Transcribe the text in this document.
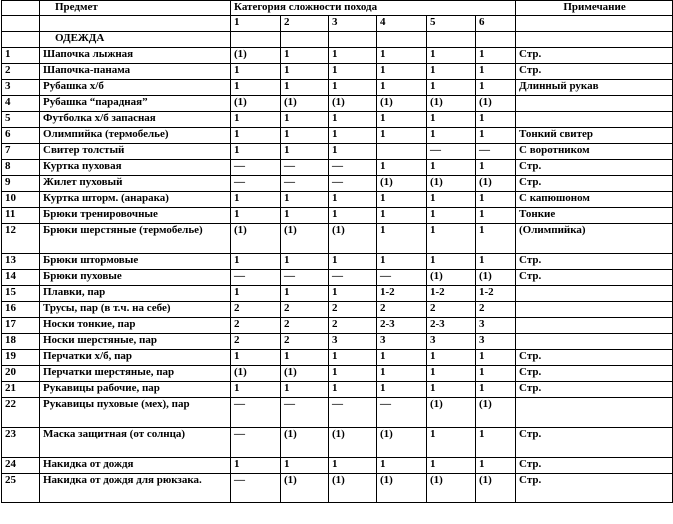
	Предмет	Категория сложности похода						Примечание
		1	2	3	4	5	6	
	ОДЕЖДА							
1	Шапочка лыжная	(1)	1	1	1	1	1	Стр.
2	Шапочка-панама	1	1	1	1	1	1	Стр.
3	Рубашка х/б	1	1	1	1	1	1	Длинный рукав
4	Рубашка “парадная”	(1)	(1)	(1)	(1)	(1)	(1)	
5	Футболка х/б запасная	1	1	1	1	1	1	
6	Олимпийка (термобелье)	1	1	1	1	1	1	Тонкий свитер
7	Свитер толстый	1	1	1		—	—	С воротником
8	Куртка пуховая	—	—	—	1	1	1	Стр.
9	Жилет пуховый	—	—	—	(1)	(1)	(1)	Стр.
10	Куртка шторм. (анарака)	1	1	1	1	1	1	С капюшоном
11	Брюки тренировочные	1	1	1	1	1	1	Тонкие
12	Брюки шерстяные (термобелье)	(1)	(1)	(1)	1	1	1	(Олимпийка)
13	Брюки штормовые	1	1	1	1	1	1	Стр.
14	Брюки пуховые	—	—	—	—	(1)	(1)	Стр.
15	Плавки, пар	1	1	1	1-2	1-2	1-2	
16	Трусы, пар (в т.ч. на себе)	2	2	2	2	2	2	
17	Носки тонкие, пар	2	2	2	2-3	2-3	3	
18	Носки шерстяные, пар	2	2	3	3	3	3	
19	Перчатки х/б, пар	1	1	1	1	1	1	Стр.
20	Перчатки шерстяные, пар	(1)	(1)	1	1	1	1	Стр.
21	Рукавицы рабочие, пар	1	1	1	1	1	1	Стр.
22	Рукавицы пуховые (мех), пар	—	—	—	—	(1)	(1)	
23	Маска защитная (от солнца)	—	(1)	(1)	(1)	1	1	Стр.
24	Накидка от дождя	1	1	1	1	1	1	Стр.
25	Накидка от дождя для рюкзака.	—	(1)	(1)	(1)	(1)	(1)	Стр.
